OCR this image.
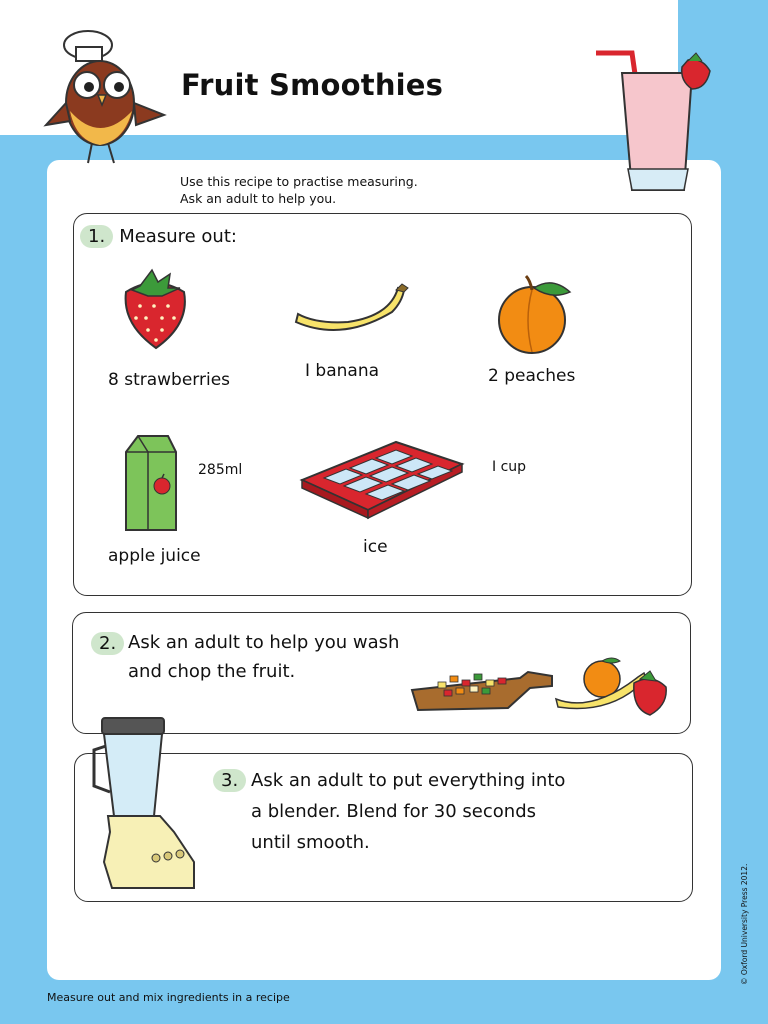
Fruit Smoothies
Use this recipe to practise measuring.
Ask an adult to help you.
1. Measure out:
8 strawberries	I banana	2 peaches
285ml
apple juice
I cup
ice
2. Ask an adult to help you wash
and chop the fruit.
3. Ask an adult to put everything into
a blender. Blend for 30 seconds
until smooth.
Measure out and mix ingredients in a recipe
© Oxford University Press 2012.
